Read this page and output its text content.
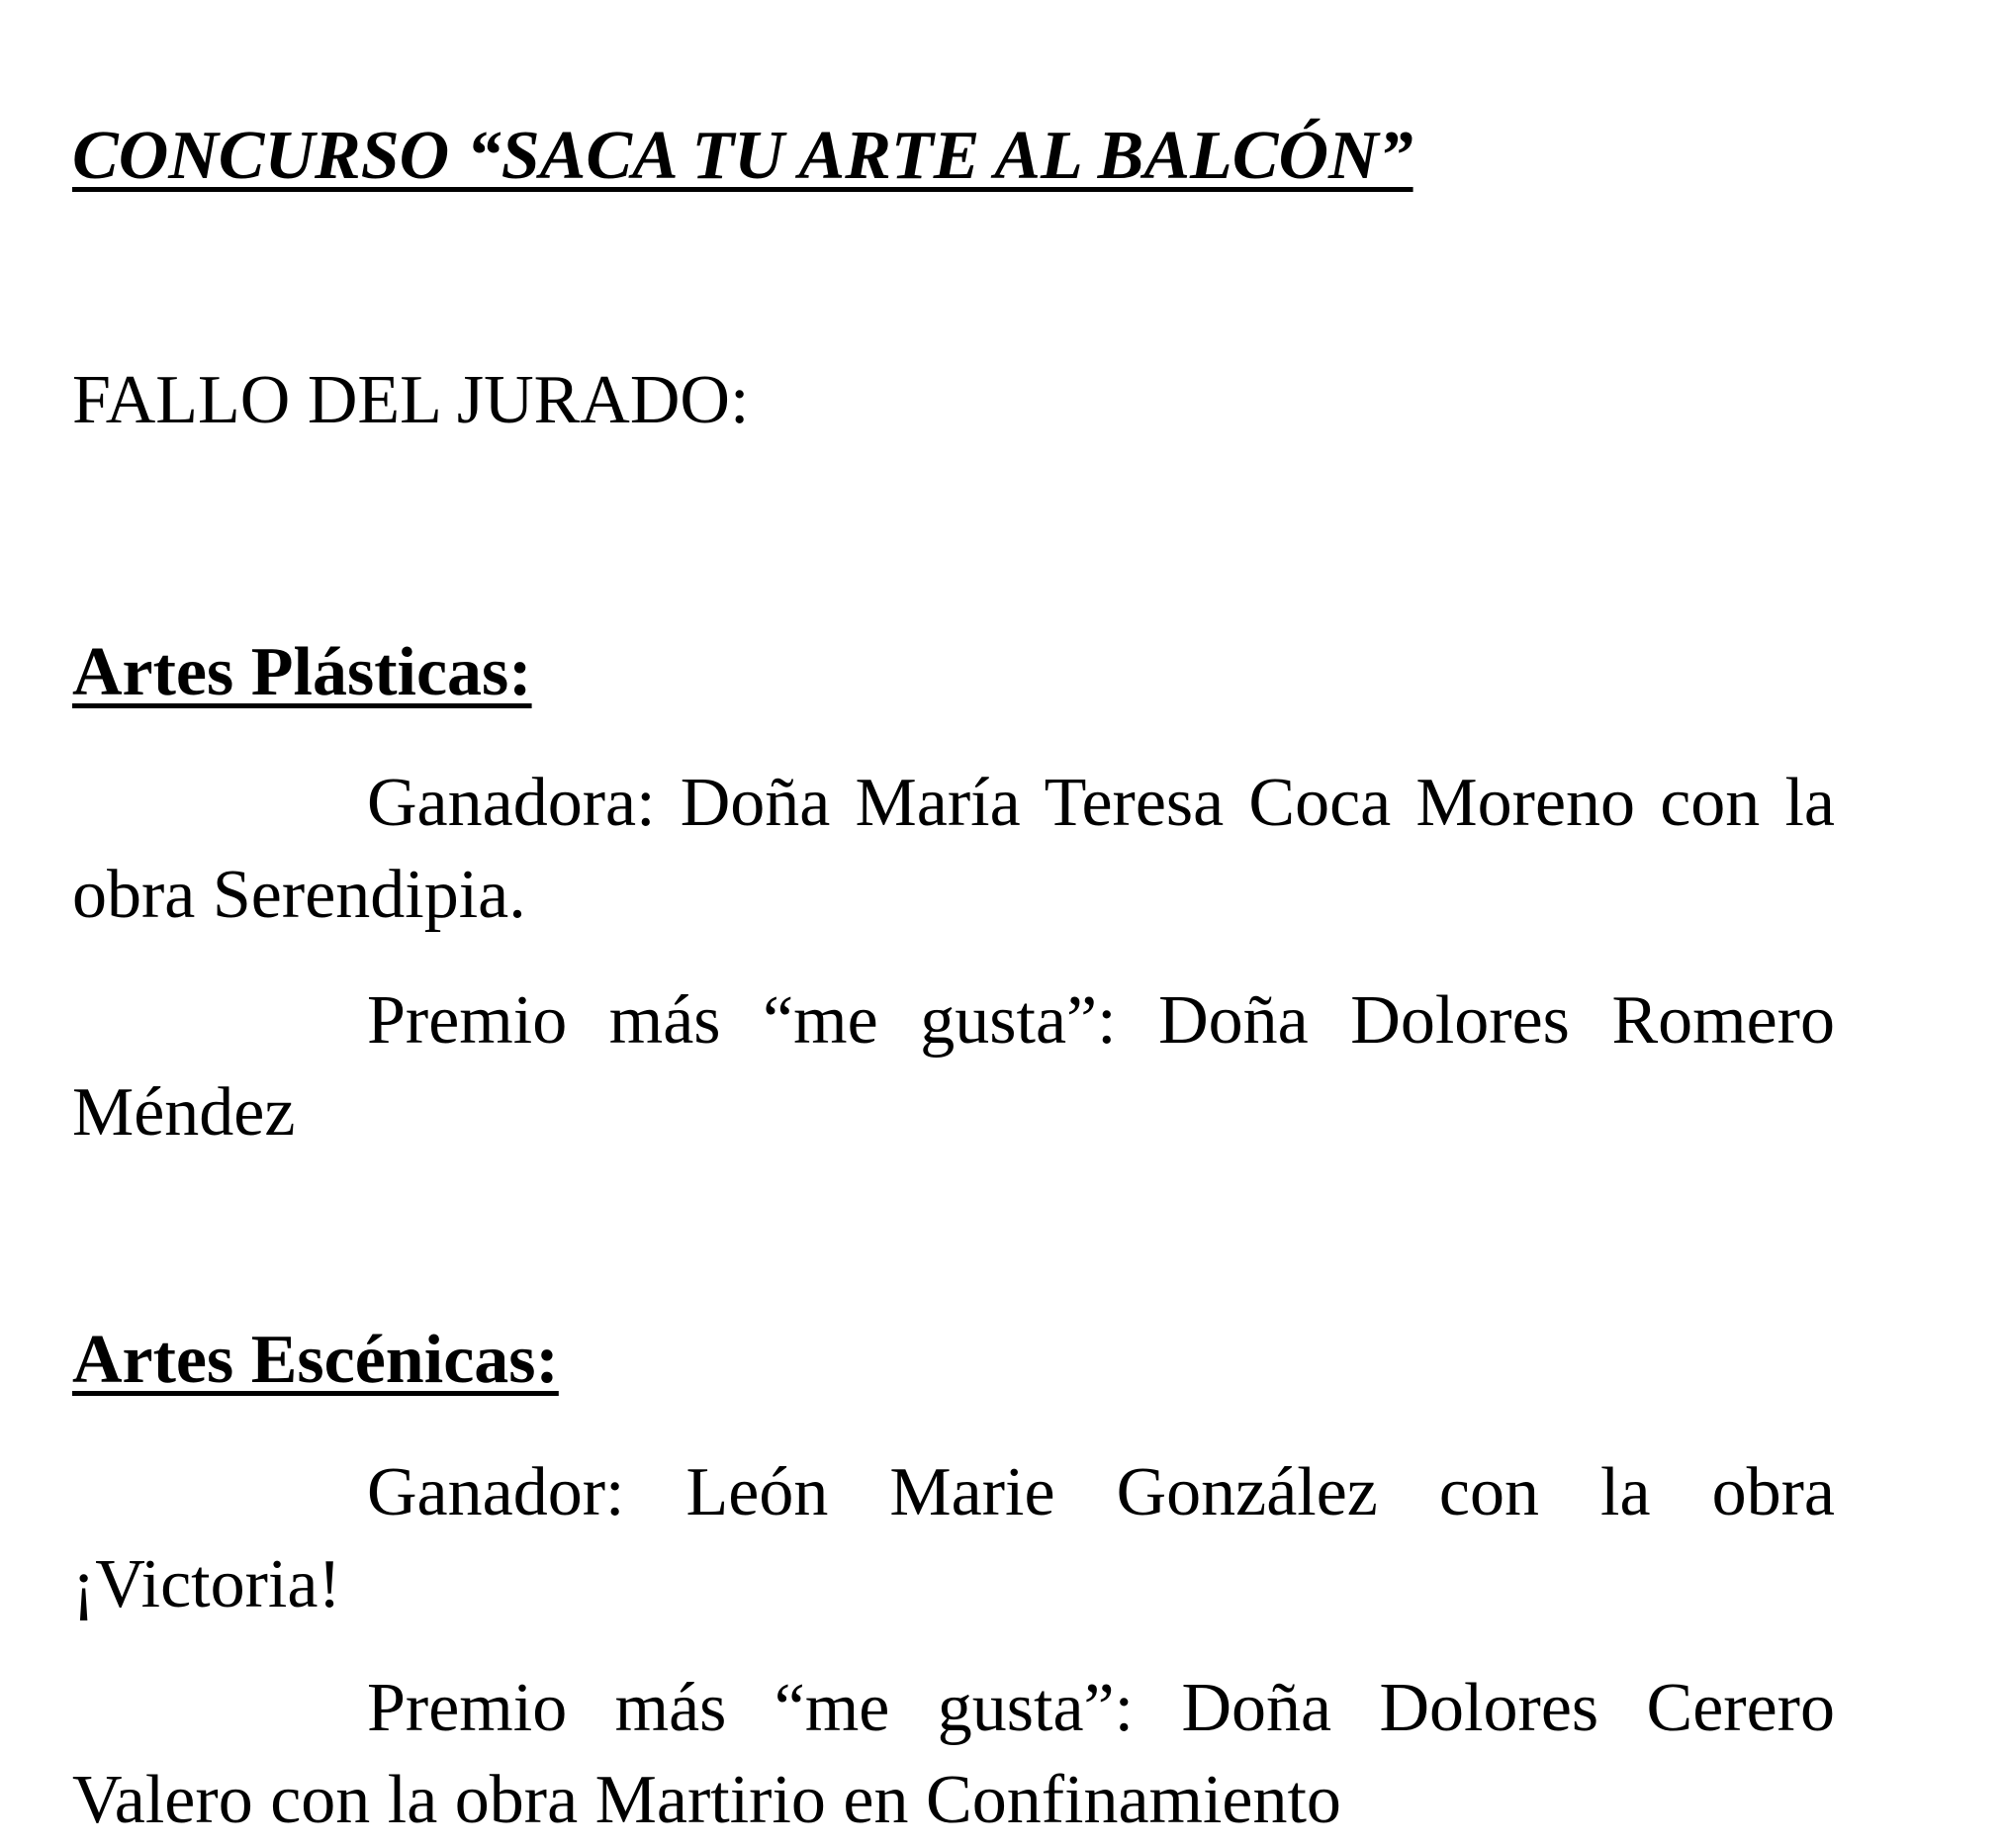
CONCURSO “SACA TU ARTE AL BALCÓN”
FALLO DEL JURADO:
Artes Plásticas:

Ganadora: Doña María Teresa Coca Moreno con la obra Serendipia.

Premio más “me gusta”: Doña Dolores Romero Méndez

Artes Escénicas:

Ganador: León Marie González con la obra ¡Victoria!

Premio más “me gusta”: Doña Dolores Cerero Valero con la obra Martirio en Confinamiento
